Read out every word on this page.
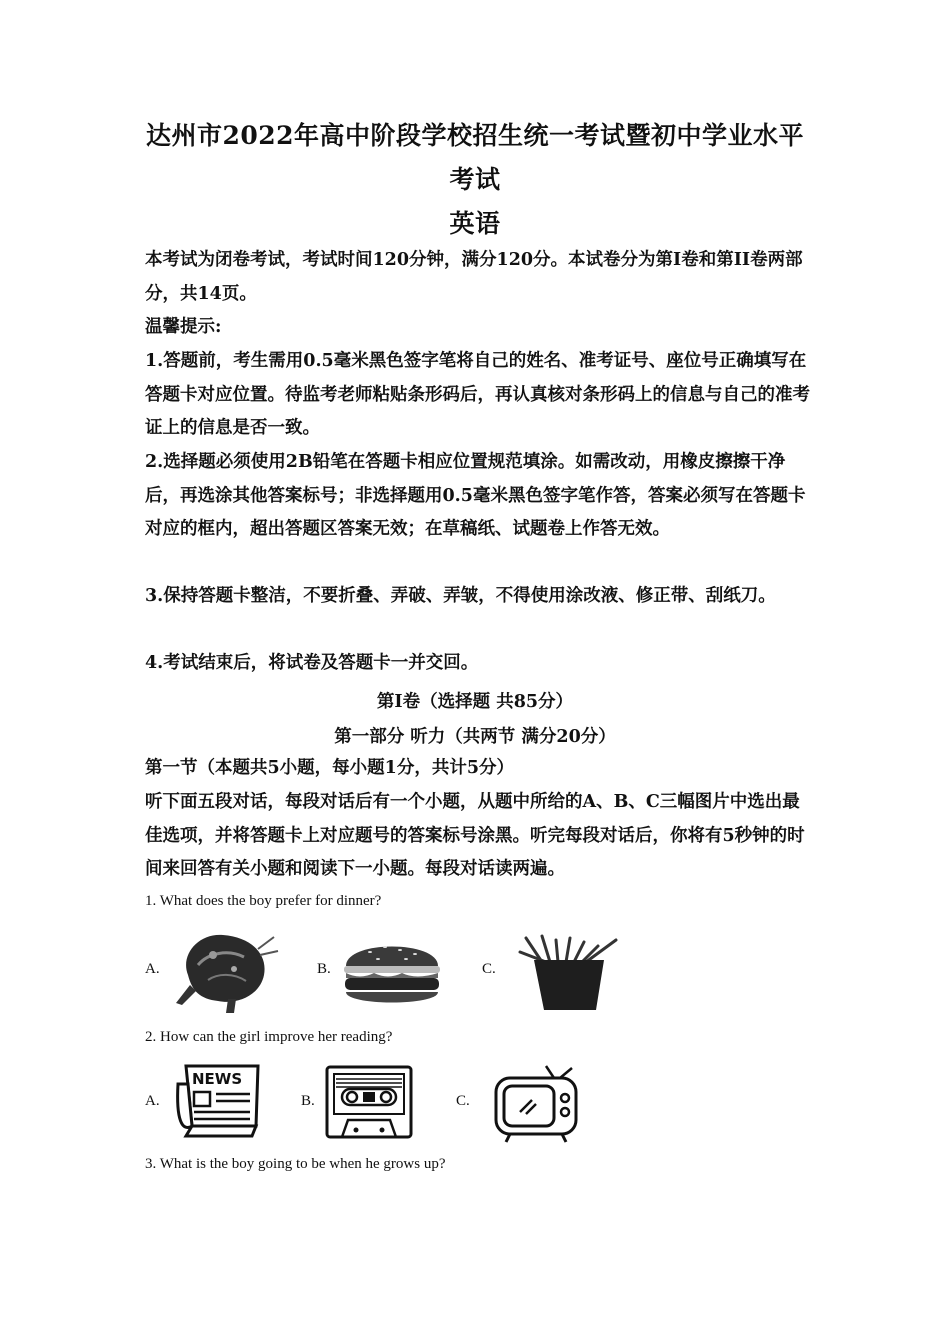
达州市2022年高中阶段学校招生统一考试暨初中学业水平
考试
英语
本考试为闭卷考试，考试时间120分钟，满分120分。本试卷分为第I卷和第II卷两部分，共14页。
温馨提示:
1.答题前，考生需用0.5毫米黑色签字笔将自己的姓名、准考证号、座位号正确填写在答题卡对应位置。待监考老师粘贴条形码后，再认真核对条形码上的信息与自己的准考证上的信息是否一致。
2.选择题必须使用2B铅笔在答题卡相应位置规范填涂。如需改动，用橡皮擦擦干净后，再选涂其他答案标号；非选择题用0.5毫米黑色签字笔作答，答案必须写在答题卡对应的框内，超出答题区答案无效；在草稿纸、试题卷上作答无效。
3.保持答题卡整洁，不要折叠、弄破、弄皱，不得使用涂改液、修正带、刮纸刀。
4.考试结束后，将试卷及答题卡一并交回。
第I卷（选择题 共85分）
第一部分 听力（共两节 满分20分）
第一节（本题共5小题，每小题1分，共计5分）
听下面五段对话，每段对话后有一个小题，从题中所给的A、B、C三幅图片中选出最佳选项，并将答题卡上对应题号的答案标号涂黑。听完每段对话后，你将有5秒钟的时间来回答有关小题和阅读下一小题。每段对话读两遍。
1. What does the boy prefer for dinner?
A.	B.	C.
2. How can the girl improve her reading?
A.
NEWS
B.	C.
3. What is the boy going to be when he grows up?
